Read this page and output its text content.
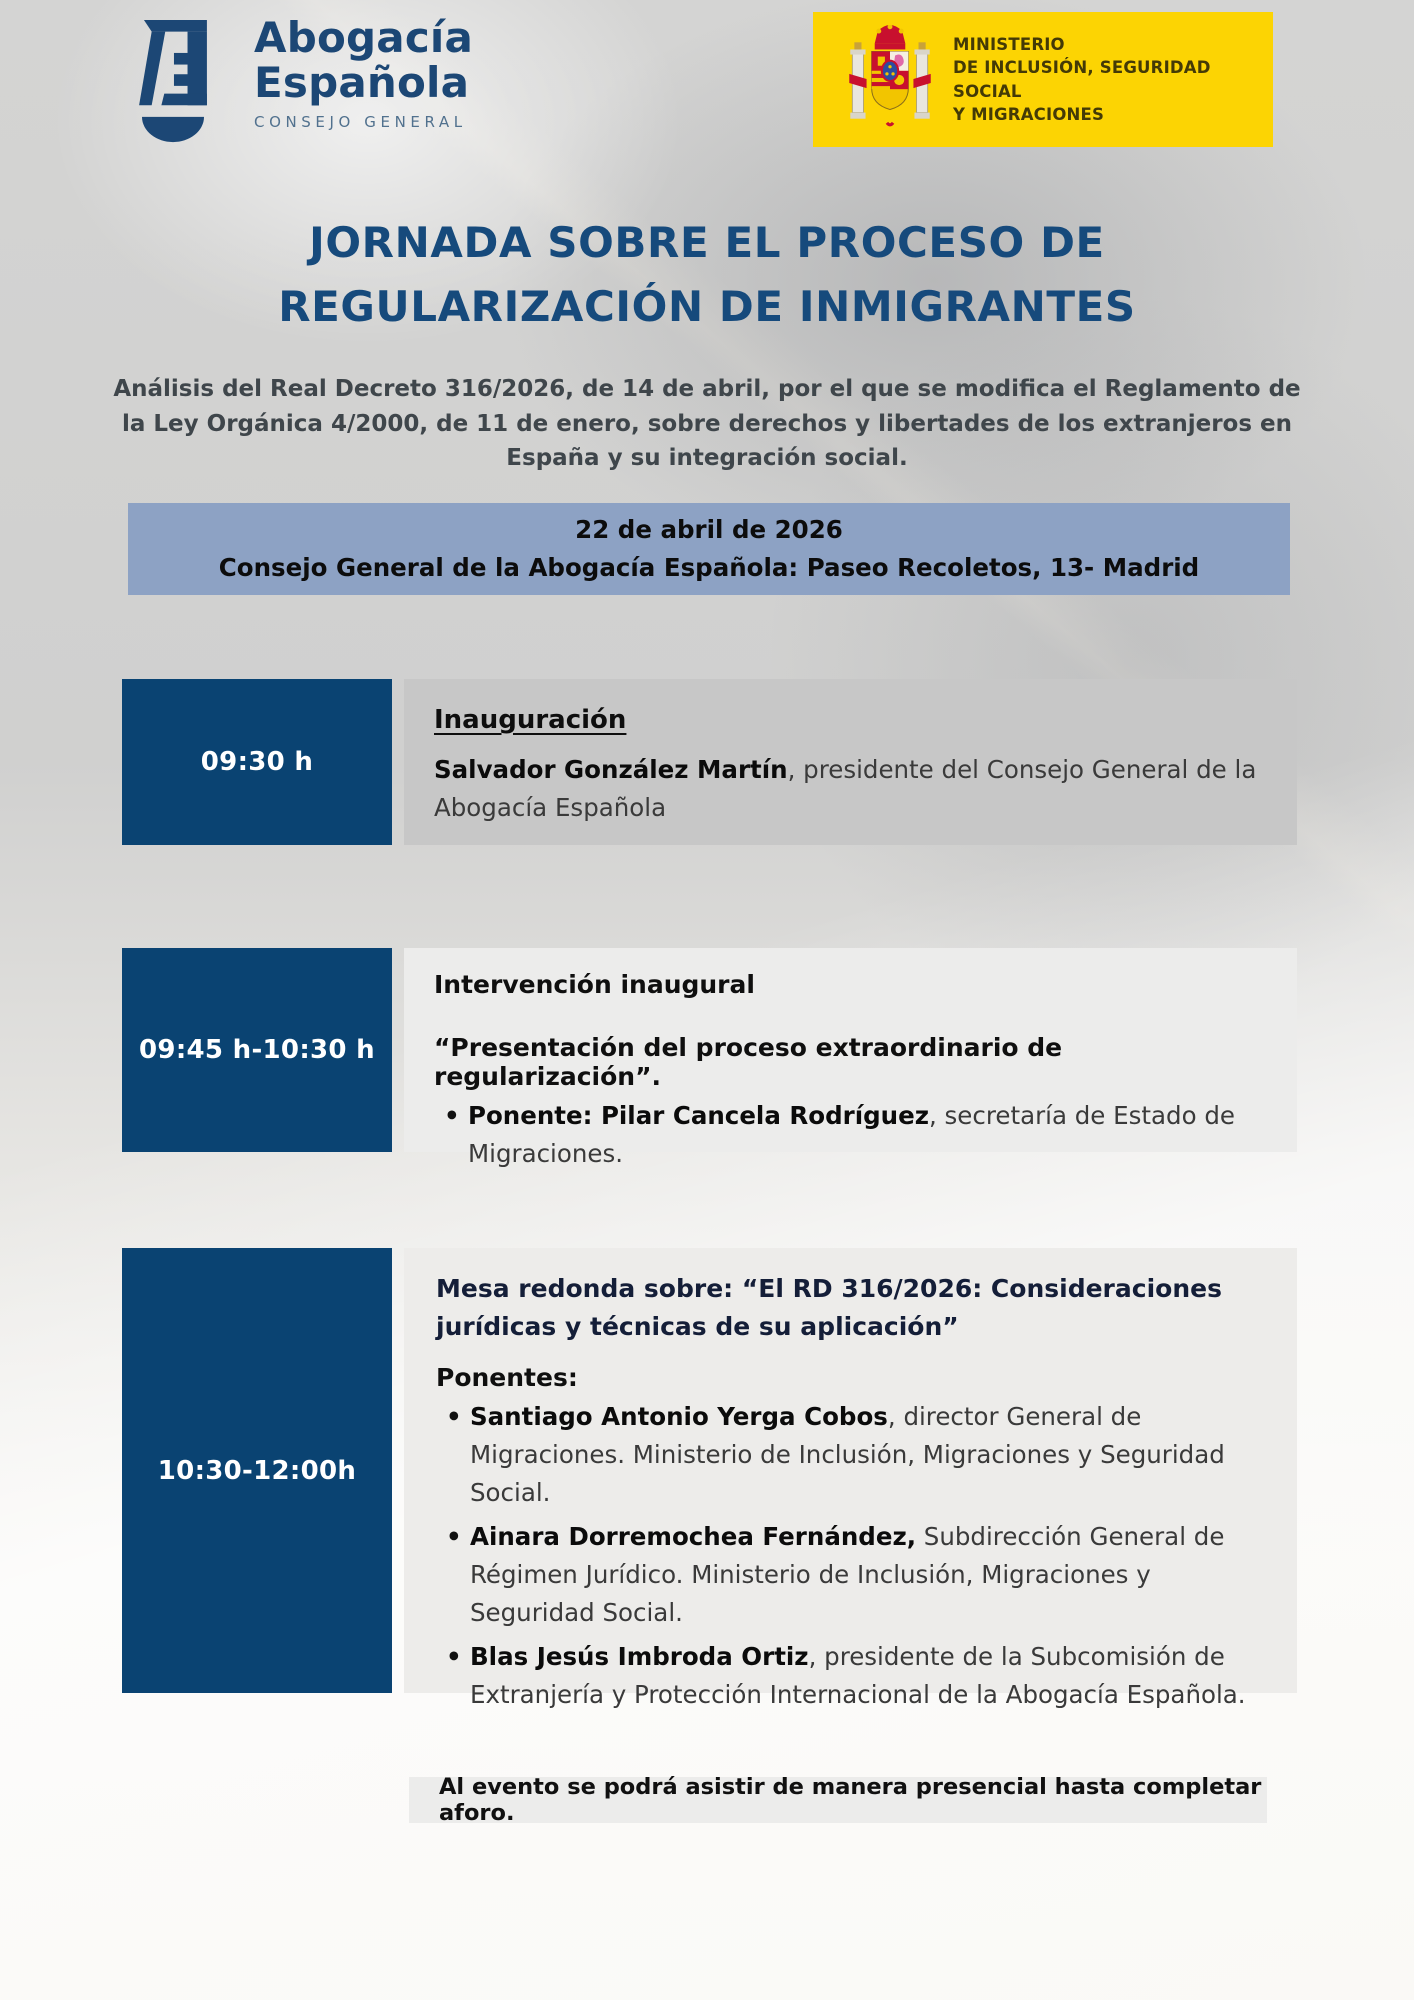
Abogacía
Española
CONSEJO GENERAL
MINISTERIO
DE INCLUSIÓN, SEGURIDAD SOCIAL
Y MIGRACIONES
JORNADA SOBRE EL PROCESO DE
REGULARIZACIÓN DE INMIGRANTES
Análisis del Real Decreto 316/2026, de 14 de abril, por el que se modifica el Reglamento de la Ley Orgánica 4/2000, de 11 de enero, sobre derechos y libertades de los extranjeros en España y su integración social.
22 de abril de 2026
Consejo General de la Abogacía Española: Paseo Recoletos, 13- Madrid
09:30 h
Inauguración
Salvador González Martín, presidente del Consejo General de la Abogacía Española
09:45 h-10:30 h
Intervención inaugural
“Presentación del proceso extraordinario de regularización”.
• Ponente: Pilar Cancela Rodríguez, secretaría de Estado de Migraciones.
10:30-12:00h
Mesa redonda sobre: “El RD 316/2026: Consideraciones jurídicas y técnicas de su aplicación”
Ponentes:
• Santiago Antonio Yerga Cobos, director General de Migraciones. Ministerio de Inclusión, Migraciones y Seguridad Social.
• Ainara Dorremochea Fernández, Subdirección General de Régimen Jurídico. Ministerio de Inclusión, Migraciones y Seguridad Social.
• Blas Jesús Imbroda Ortiz, presidente de la Subcomisión de Extranjería y Protección Internacional de la Abogacía Española.
Al evento se podrá asistir de manera presencial hasta completar aforo.
